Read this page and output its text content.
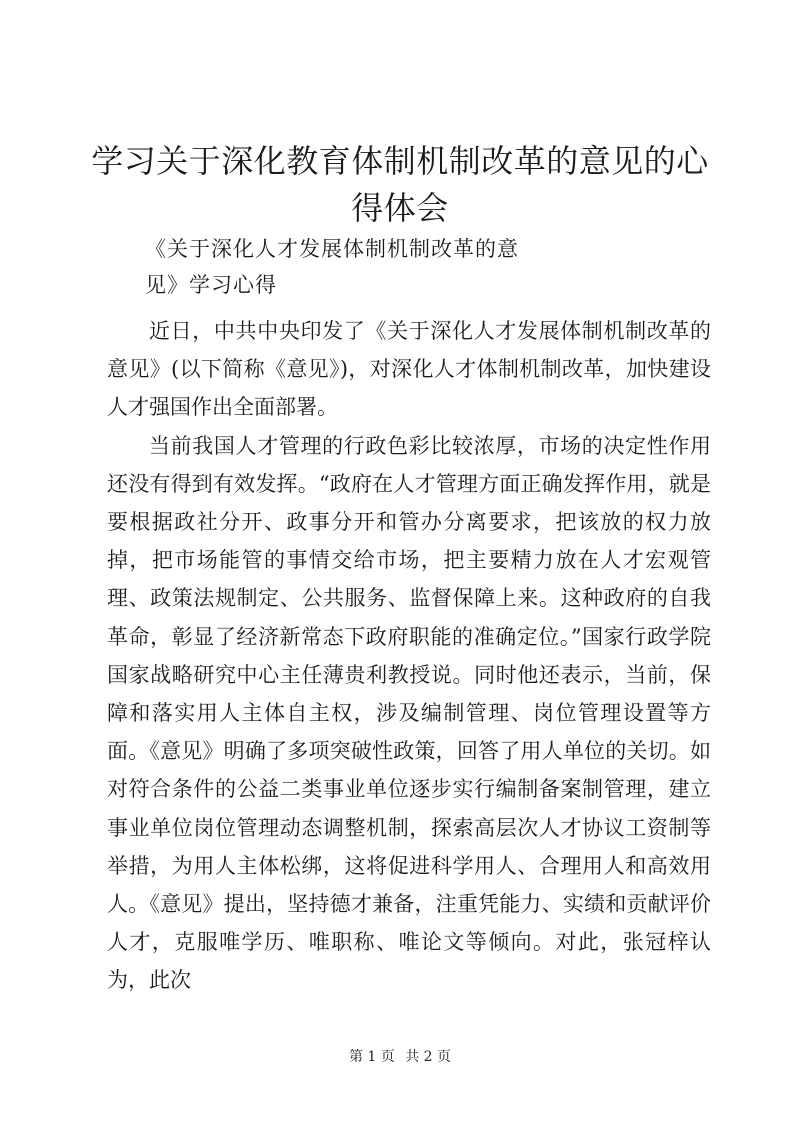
学习关于深化教育体制机制改革的意见的心得体会

《关于深化人才发展体制机制改革的意

见》学习心得

近日，中共中央印发了《关于深化人才发展体制机制改革的意见》(以下简称《意见》)，对深化人才体制机制改革，加快建设人才强国作出全面部署。

当前我国人才管理的行政色彩比较浓厚，市场的决定性作用还没有得到有效发挥。“政府在人才管理方面正确发挥作用，就是要根据政社分开、政事分开和管办分离要求，把该放的权力放掉，把市场能管的事情交给市场，把主要精力放在人才宏观管理、政策法规制定、公共服务、监督保障上来。这种政府的自我革命，彰显了经济新常态下政府职能的准确定位。”国家行政学院国家战略研究中心主任薄贵利教授说。同时他还表示，当前，保障和落实用人主体自主权，涉及编制管理、岗位管理设置等方面。《意见》明确了多项突破性政策，回答了用人单位的关切。如对符合条件的公益二类事业单位逐步实行编制备案制管理，建立事业单位岗位管理动态调整机制，探索高层次人才协议工资制等举措，为用人主体松绑，这将促进科学用人、合理用人和高效用人。《意见》提出，坚持德才兼备，注重凭能力、实绩和贡献评价人才，克服唯学历、唯职称、唯论文等倾向。对此，张冠梓认为，此次

第 1 页 共 2 页
